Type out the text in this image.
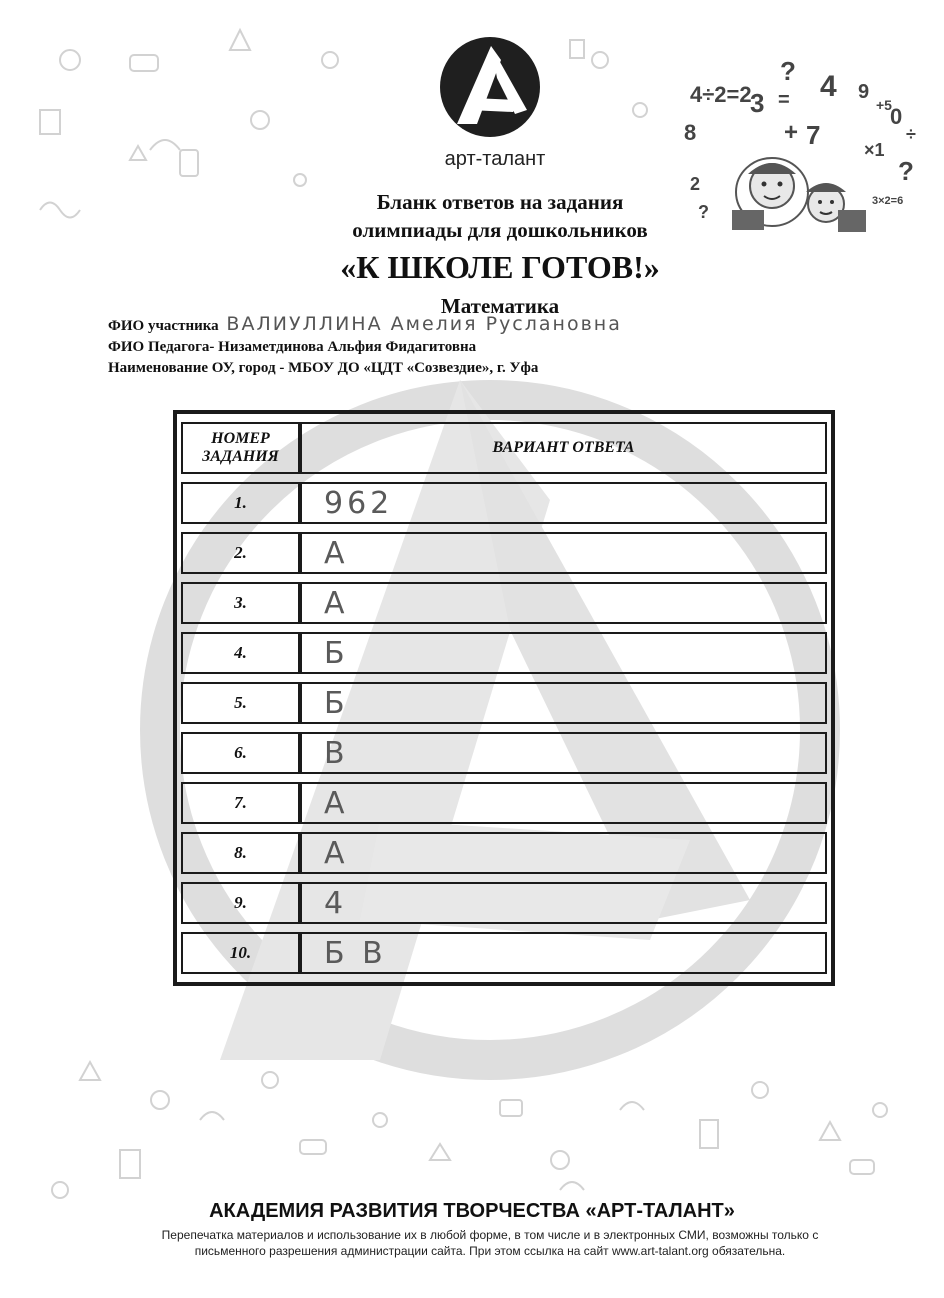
арт-талант
4÷2=2
?
3 = 4 9
+5
0
÷
8	+ 7 ×1
?
3×2=6
2
?

Бланк ответов на задания

олимпиады для дошкольников

«К ШКОЛЕ ГОТОВ!»

Математика

ФИО участника ВАЛИУЛЛИНА Амелия Руслановна
ФИО Педагога- Низаметдинова Альфия Фидагитовна
Наименование ОУ, город - МБОУ ДО «ЦДТ «Созвездие», г. Уфа
НОМЕР
ЗАДАНИЯ	ВАРИАНТ ОТВЕТА
1.	962
2.	А
3.	А
4.	Б
5.	Б
6.	В
7.	А
8.	А
9.	4
10.	Б В
АКАДЕМИЯ РАЗВИТИЯ ТВОРЧЕСТВА «АРТ-ТАЛАНТ»
Перепечатка материалов и использование их в любой форме, в том числе и в электронных СМИ, возможны только с
письменного разрешения администрации сайта. При этом ссылка на сайт www.art-talant.org обязательна.
